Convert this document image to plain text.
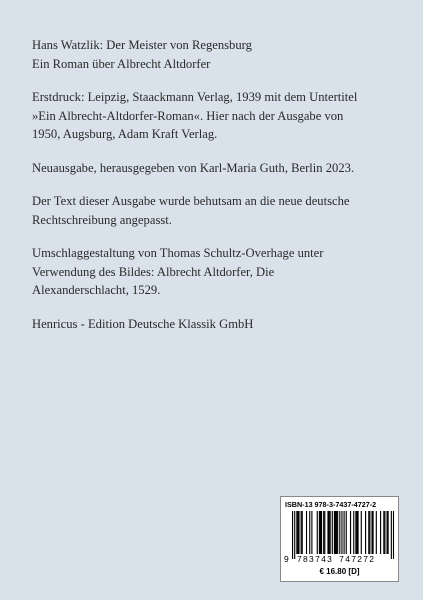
Hans Watzlik: Der Meister von Regensburg
Ein Roman über Albrecht Altdorfer

Erstdruck: Leipzig, Staackmann Verlag, 1939 mit dem Untertitel
»Ein Albrecht-Altdorfer-Roman«. Hier nach der Ausgabe von
1950, Augsburg, Adam Kraft Verlag.

Neuausgabe, herausgegeben von Karl-Maria Guth, Berlin 2023.

Der Text dieser Ausgabe wurde behutsam an die neue deutsche
Rechtschreibung angepasst.

Umschlaggestaltung von Thomas Schultz-Overhage unter
Verwendung des Bildes: Albrecht Altdorfer, Die
Alexanderschlacht, 1529.

Henricus - Edition Deutsche Klassik GmbH

ISBN-13 978-3-7437-4727-2
9 783743 747272
€ 16.80 [D]
